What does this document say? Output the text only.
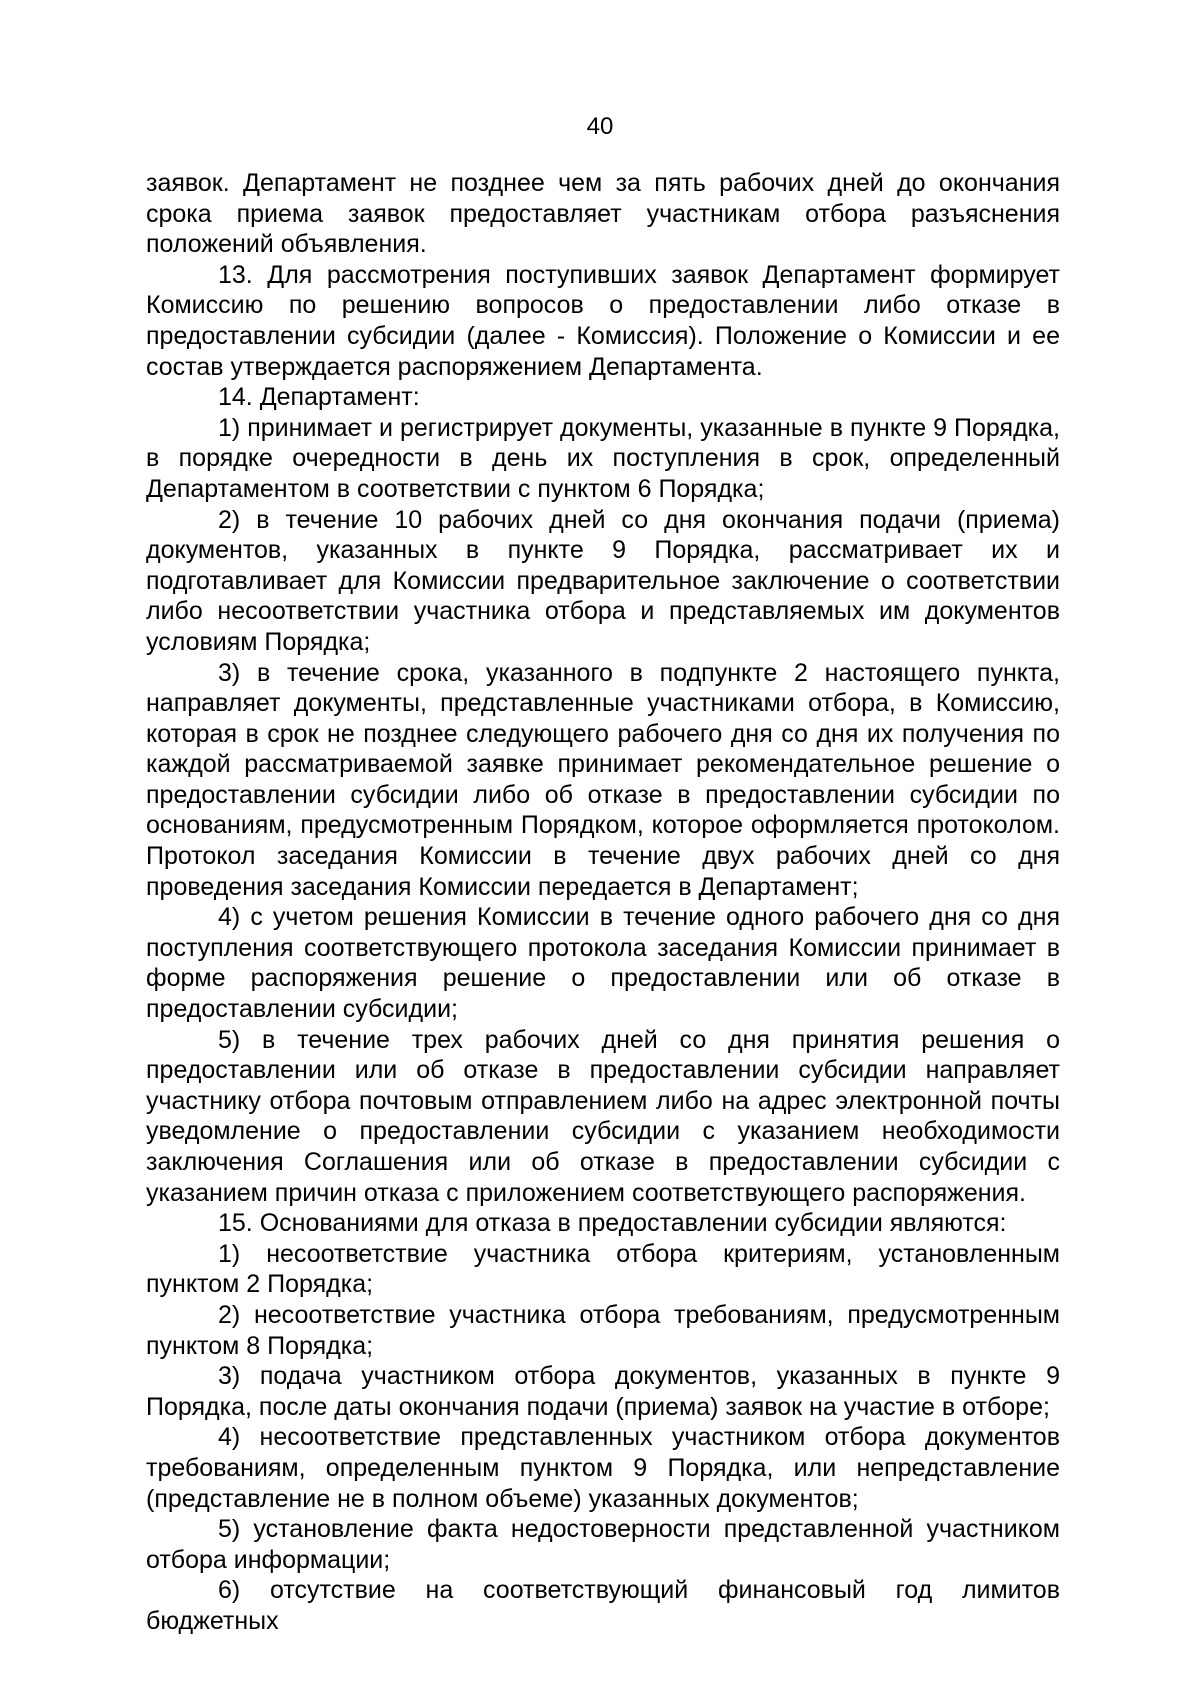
40

заявок. Департамент не позднее чем за пять рабочих дней до окончания срока приема заявок предоставляет участникам отбора разъяснения положений объявления.

13. Для рассмотрения поступивших заявок Департамент формирует Комиссию по решению вопросов о предоставлении либо отказе в предоставлении субсидии (далее - Комиссия). Положение о Комиссии и ее состав утверждается распоряжением Департамента.

14. Департамент:

1) принимает и регистрирует документы, указанные в пункте 9 Порядка, в порядке очередности в день их поступления в срок, определенный Департаментом в соответствии с пунктом 6 Порядка;

2) в течение 10 рабочих дней со дня окончания подачи (приема) документов, указанных в пункте 9 Порядка, рассматривает их и подготавливает для Комиссии предварительное заключение о соответствии либо несоответствии участника отбора и представляемых им документов условиям Порядка;

3) в течение срока, указанного в подпункте 2 настоящего пункта, направляет документы, представленные участниками отбора, в Комиссию, которая в срок не позднее следующего рабочего дня со дня их получения по каждой рассматриваемой заявке принимает рекомендательное решение о предоставлении субсидии либо об отказе в предоставлении субсидии по основаниям, предусмотренным Порядком, которое оформляется протоколом. Протокол заседания Комиссии в течение двух рабочих дней со дня проведения заседания Комиссии передается в Департамент;

4) с учетом решения Комиссии в течение одного рабочего дня со дня поступления соответствующего протокола заседания Комиссии принимает в форме распоряжения решение о предоставлении или об отказе в предоставлении субсидии;

5) в течение трех рабочих дней со дня принятия решения о предоставлении или об отказе в предоставлении субсидии направляет участнику отбора почтовым отправлением либо на адрес электронной почты уведомление о предоставлении субсидии с указанием необходимости заключения Соглашения или об отказе в предоставлении субсидии с указанием причин отказа с приложением соответствующего распоряжения.

15. Основаниями для отказа в предоставлении субсидии являются:

1) несоответствие участника отбора критериям, установленным пунктом 2 Порядка;

2) несоответствие участника отбора требованиям, предусмотренным пунктом 8 Порядка;

3) подача участником отбора документов, указанных в пункте 9 Порядка, после даты окончания подачи (приема) заявок на участие в отборе;

4) несоответствие представленных участником отбора документов требованиям, определенным пунктом 9 Порядка, или непредставление (представление не в полном объеме) указанных документов;

5) установление факта недостоверности представленной участником отбора информации;

6) отсутствие на соответствующий финансовый год лимитов бюджетных
